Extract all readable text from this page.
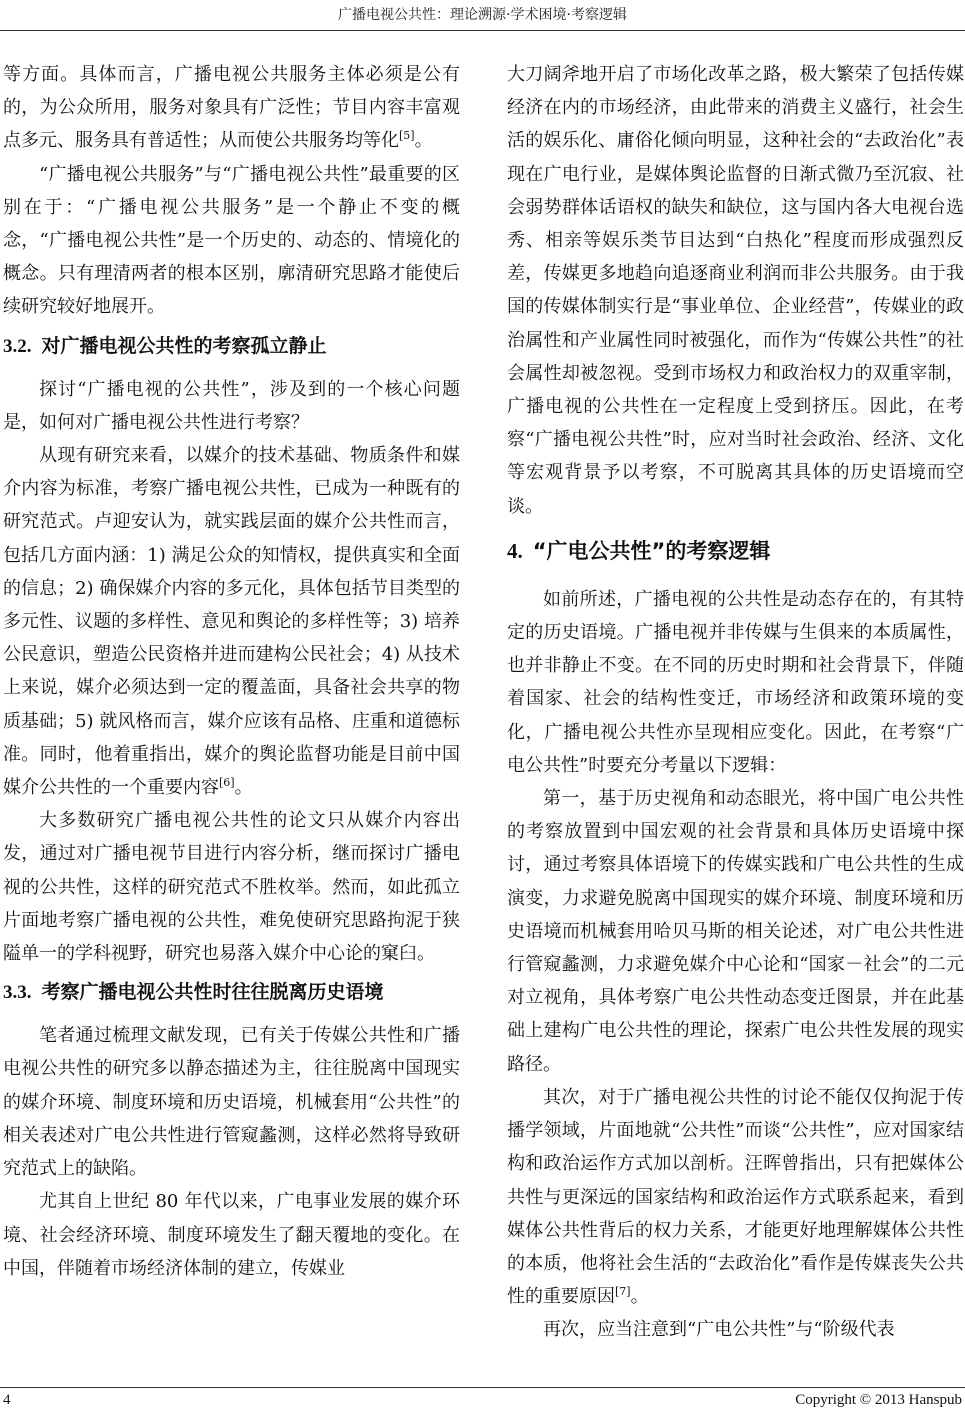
广播电视公共性：理论溯源·学术困境·考察逻辑

等方面。具体而言，广播电视公共服务主体必须是公有的，为公众所用，服务对象具有广泛性；节目内容丰富观点多元、服务具有普适性；从而使公共服务均等化[5]。

“广播电视公共服务”与“广播电视公共性”最重要的区别在于：“广播电视公共服务”是一个静止不变的概念，“广播电视公共性”是一个历史的、动态的、情境化的概念。只有理清两者的根本区别，廓清研究思路才能使后续研究较好地展开。

3.2. 对广播电视公共性的考察孤立静止

探讨“广播电视的公共性”，涉及到的一个核心问题是，如何对广播电视公共性进行考察？

从现有研究来看，以媒介的技术基础、物质条件和媒介内容为标准，考察广播电视公共性，已成为一种既有的研究范式。卢迎安认为，就实践层面的媒介公共性而言，包括几方面内涵：1) 满足公众的知情权，提供真实和全面的信息；2) 确保媒介内容的多元化，具体包括节目类型的多元性、议题的多样性、意见和舆论的多样性等；3) 培养公民意识，塑造公民资格并进而建构公民社会；4) 从技术上来说，媒介必须达到一定的覆盖面，具备社会共享的物质基础；5) 就风格而言，媒介应该有品格、庄重和道德标准。同时，他着重指出，媒介的舆论监督功能是目前中国媒介公共性的一个重要内容[6]。

大多数研究广播电视公共性的论文只从媒介内容出发，通过对广播电视节目进行内容分析，继而探讨广播电视的公共性，这样的研究范式不胜枚举。然而，如此孤立片面地考察广播电视的公共性，难免使研究思路拘泥于狭隘单一的学科视野，研究也易落入媒介中心论的窠臼。

3.3. 考察广播电视公共性时往往脱离历史语境

笔者通过梳理文献发现，已有关于传媒公共性和广播电视公共性的研究多以静态描述为主，往往脱离中国现实的媒介环境、制度环境和历史语境，机械套用“公共性”的相关表述对广电公共性进行管窥蠡测，这样必然将导致研究范式上的缺陷。

尤其自上世纪 80 年代以来，广电事业发展的媒介环境、社会经济环境、制度环境发生了翻天覆地的变化。在中国，伴随着市场经济体制的建立，传媒业

大刀阔斧地开启了市场化改革之路，极大繁荣了包括传媒经济在内的市场经济，由此带来的消费主义盛行，社会生活的娱乐化、庸俗化倾向明显，这种社会的“去政治化”表现在广电行业，是媒体舆论监督的日渐式微乃至沉寂、社会弱势群体话语权的缺失和缺位，这与国内各大电视台选秀、相亲等娱乐类节目达到“白热化”程度而形成强烈反差，传媒更多地趋向追逐商业利润而非公共服务。由于我国的传媒体制实行是“事业单位、企业经营”，传媒业的政治属性和产业属性同时被强化，而作为“传媒公共性”的社会属性却被忽视。受到市场权力和政治权力的双重宰制，广播电视的公共性在一定程度上受到挤压。因此，在考察“广播电视公共性”时，应对当时社会政治、经济、文化等宏观背景予以考察，不可脱离其具体的历史语境而空谈。

4. “广电公共性”的考察逻辑

如前所述，广播电视的公共性是动态存在的，有其特定的历史语境。广播电视并非传媒与生俱来的本质属性，也并非静止不变。在不同的历史时期和社会背景下，伴随着国家、社会的结构性变迁，市场经济和政策环境的变化，广播电视公共性亦呈现相应变化。因此，在考察“广电公共性”时要充分考量以下逻辑：

第一，基于历史视角和动态眼光，将中国广电公共性的考察放置到中国宏观的社会背景和具体历史语境中探讨，通过考察具体语境下的传媒实践和广电公共性的生成演变，力求避免脱离中国现实的媒介环境、制度环境和历史语境而机械套用哈贝马斯的相关论述，对广电公共性进行管窥蠡测，力求避免媒介中心论和“国家－社会”的二元对立视角，具体考察广电公共性动态变迁图景，并在此基础上建构广电公共性的理论，探索广电公共性发展的现实路径。

其次，对于广播电视公共性的讨论不能仅仅拘泥于传播学领域，片面地就“公共性”而谈“公共性”，应对国家结构和政治运作方式加以剖析。汪晖曾指出，只有把媒体公共性与更深远的国家结构和政治运作方式联系起来，看到媒体公共性背后的权力关系，才能更好地理解媒体公共性的本质，他将社会生活的“去政治化”看作是传媒丧失公共性的重要原因[7]。

再次，应当注意到“广电公共性”与“阶级代表

4	Copyright © 2013 Hanspub
